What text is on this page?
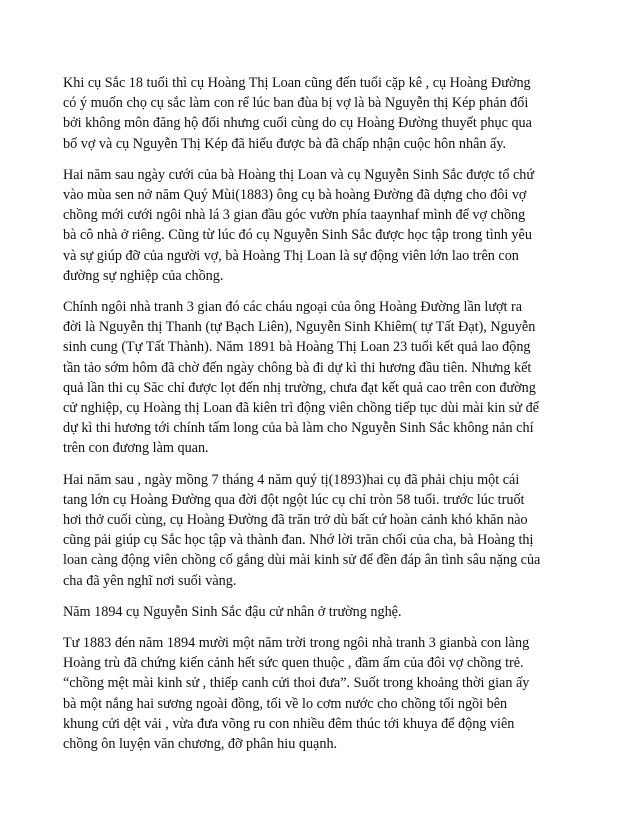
Khi cụ Sắc 18 tuổi thì cụ Hoàng Thị Loan cũng đến tuổi cặp kê , cụ Hoàng Đường
có ý muốn chọ cụ sắc làm con rể lúc ban đùa bị vợ là bà Nguyễn thị Kép phản đối
bởi không môn đăng hộ đối nhưng cuối cùng do cụ Hoàng Đường thuyết phục qua
bố vợ và cụ Nguyễn Thị Kép đã hiểu được bà đã chấp nhận cuộc hôn nhân ấy.
Hai năm sau ngày cưới của bà Hoàng thị Loan và cụ Nguyễn Sinh Sắc được tổ chứ
vào mùa sen nở năm Quý Mùi(1883) ông cụ bà hoàng Đường đã dựng cho đôi vợ
chồng mới cưới ngôi nhà lá 3 gian đầu góc vườn phía taaynhaf mình để vợ chồng
bà cô nhà ở riêng. Cũng từ lúc đó cụ Nguyễn Sinh Sắc được học tập trong tình yêu
và sự giúp đỡ của người vợ, bà Hoàng Thị Loan là sự động viên lớn lao trên con
đường sự nghiệp của chồng.
Chính ngôi nhà tranh 3 gian đó các cháu ngoại của ông Hoàng Đường lần lượt ra
đời là Nguyễn thị Thanh (tự Bạch Liên), Nguyễn Sinh Khiêm( tự Tất Đạt), Nguyễn
sinh cung (Tự Tất Thành). Năm 1891 bà Hoàng Thị Loan 23 tuổi kết quả lao động
tần tảo sớm hôm đã chờ đến ngày chông bà đi dự kì thi hương đầu tiên. Nhưng kết
quả lần thi cụ Săc chỉ được lọt đến nhị trường, chưa đạt kết quả cao trên con đường
cử nghiệp, cụ Hoàng thị Loan đã kiên trì động viên chồng tiếp tục dùi mài kin sử để
dự kì thi hương tới chính tấm long của bà làm cho Nguyễn Sinh Sắc không nản chí
trên con đương làm quan.
Hai năm sau , ngày mồng 7 tháng 4 năm quý tị(1893)hai cụ đã phải chịu một cái
tang lớn cụ Hoàng Đường qua đời đột ngột lúc cụ chỉ tròn 58 tuổi. trước lúc truốt
hơi thở cuối cùng, cụ Hoàng Đường đã trăn trở dù bất cứ hoàn cảnh khó khăn nào
cũng pải giúp cụ Sắc học tập và thành đan. Nhớ lời trăn chối của cha, bà Hoàng thị
loan càng động viên chồng cố gắng dùi mài kinh sử để đền đáp ân tình sâu nặng của
cha đã yên nghĩ nơi suối vàng.
Năm 1894 cụ Nguyễn Sinh Sắc đậu cử nhân ở trường nghệ.
Tư 1883 đén năm 1894 mười một năm trời trong ngôi nhà tranh 3 gianbà con làng
Hoàng trù đã chứng kiến cảnh hết sức quen thuộc , đầm ấm của đôi vợ chồng trẻ.
“chồng mệt mài kinh sử , thiếp canh cửi thoi đưa”. Suốt trong khoảng thời gian ấy
bà một nắng hai sương ngoài đồng, tối về lo cơm nước cho chồng tối ngồi bên
khung cửi dệt vải , vừa đưa võng ru con nhiều đêm thúc tới khuya để động viên
chồng ôn luyện văn chương, đỡ phân hiu quạnh.
